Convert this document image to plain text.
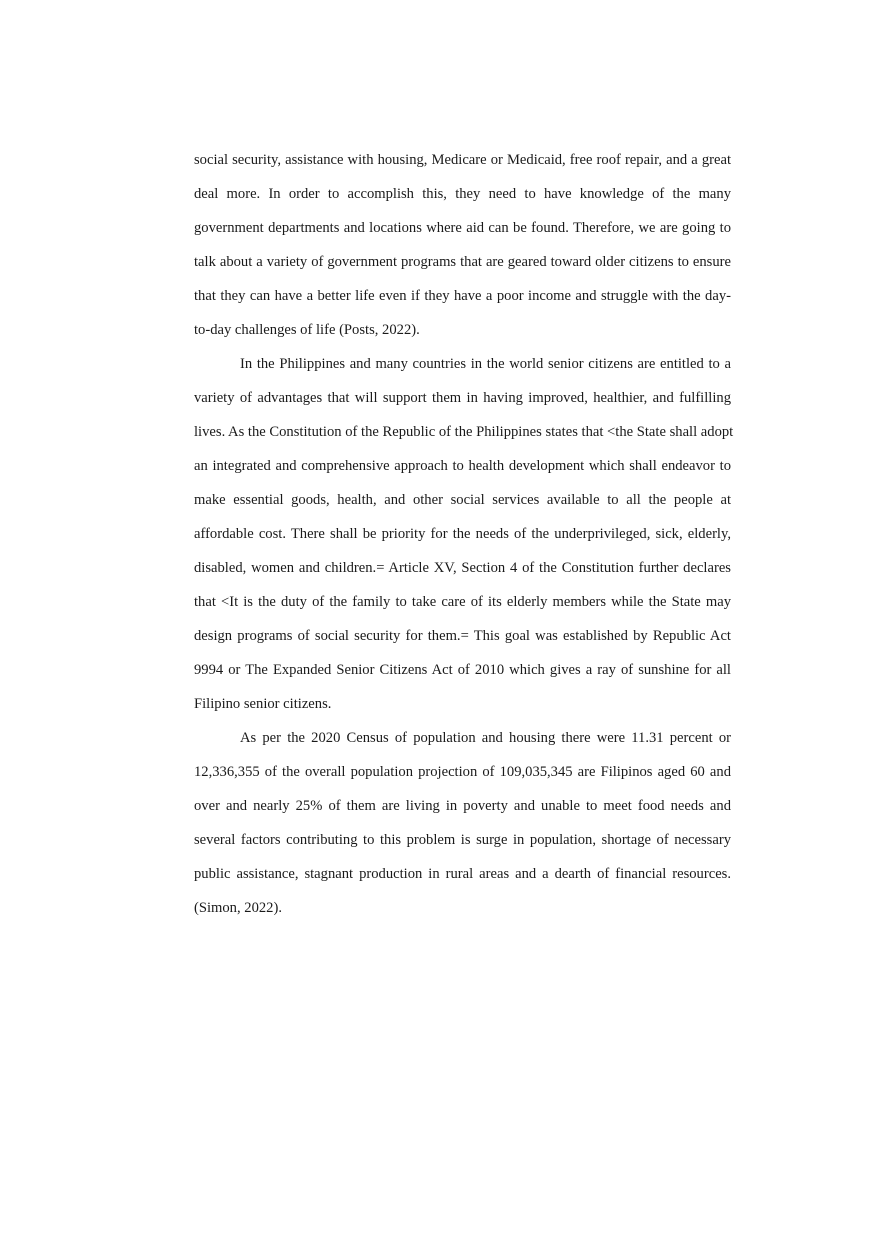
social security, assistance with housing, Medicare or Medicaid, free roof repair, and a great
deal more. In order to accomplish this, they need to have knowledge of the many
government departments and locations where aid can be found. Therefore, we are going to
talk about a variety of government programs that are geared toward older citizens to ensure
that they can have a better life even if they have a poor income and struggle with the day-
to-day challenges of life (Posts, 2022).

In the Philippines and many countries in the world senior citizens are entitled to a
variety of advantages that will support them in having improved, healthier, and fulfilling
lives. As the Constitution of the Republic of the Philippines states that <the State shall adopt
an integrated and comprehensive approach to health development which shall endeavor to
make essential goods, health, and other social services available to all the people at
affordable cost. There shall be priority for the needs of the underprivileged, sick, elderly,
disabled, women and children.= Article XV, Section 4 of the Constitution further declares
that <It is the duty of the family to take care of its elderly members while the State may
design programs of social security for them.= This goal was established by Republic Act
9994 or The Expanded Senior Citizens Act of 2010 which gives a ray of sunshine for all
Filipino senior citizens.

As per the 2020 Census of population and housing there were 11.31 percent or
12,336,355 of the overall population projection of 109,035,345 are Filipinos aged 60 and
over and nearly 25% of them are living in poverty and unable to meet food needs and
several factors contributing to this problem is surge in population, shortage of necessary
public assistance, stagnant production in rural areas and a dearth of financial resources.
(Simon, 2022).
